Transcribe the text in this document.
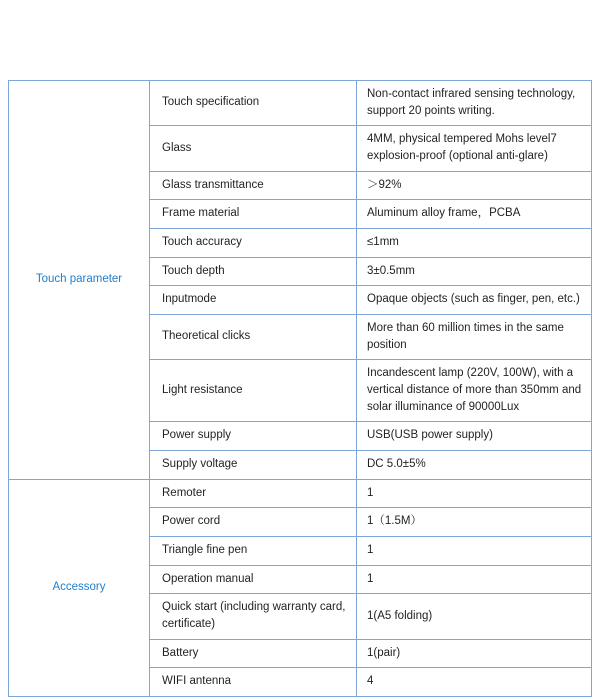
Touch parameter	Touch specification	Non-contact infrared sensing technology, support 20 points writing.
	Glass	4MM, physical tempered Mohs level7 explosion-proof (optional anti-glare)
	Glass transmittance	＞92%
	Frame material	Aluminum alloy frame，PCBA
	Touch accuracy	≤1mm
	Touch depth	3±0.5mm
	Inputmode	Opaque objects (such as finger, pen, etc.)
	Theoretical clicks	More than 60 million times in the same position
	Light resistance	Incandescent lamp (220V, 100W), with a vertical distance of more than 350mm and solar illuminance of 90000Lux
	Power supply	USB(USB power supply)
	Supply voltage	DC 5.0±5%
Accessory	Remoter	1
	Power cord	1（1.5M）
	Triangle fine pen	1
	Operation manual	1
	Quick start (including warranty card, certificate)	1(A5 folding)
	Battery	1(pair)
	WIFI antenna	4
